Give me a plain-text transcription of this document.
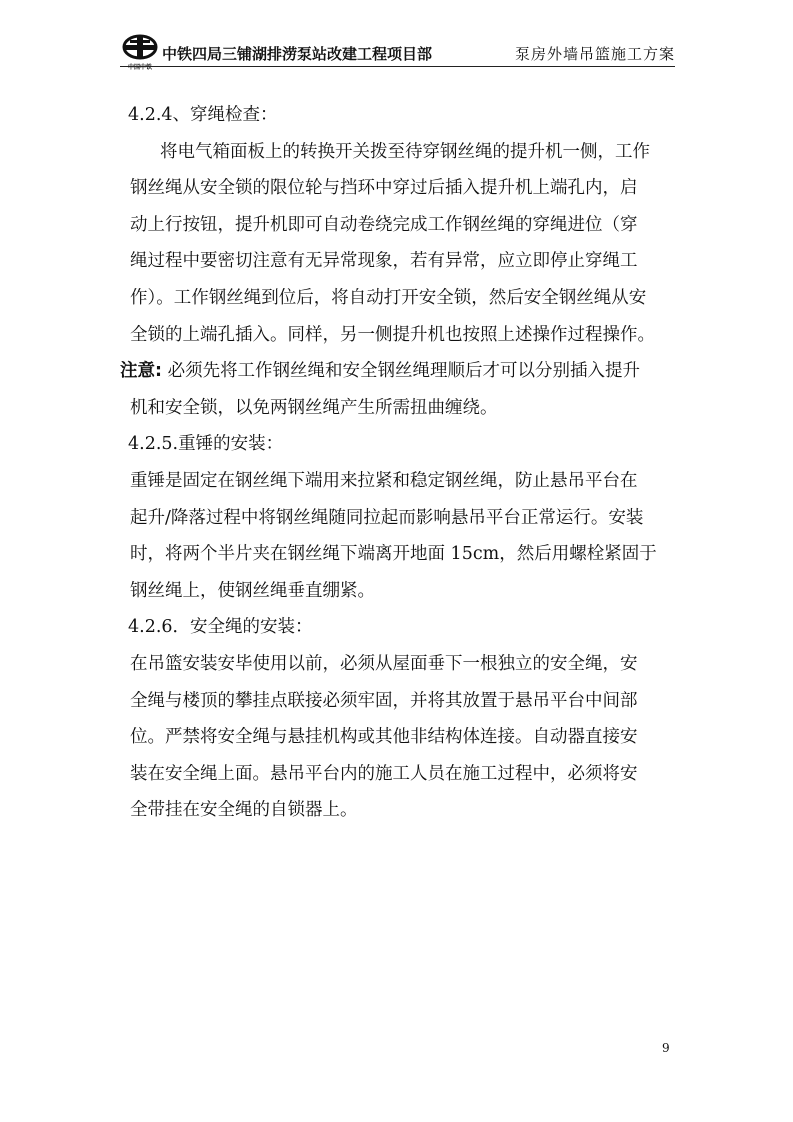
中国中铁
中铁四局三铺湖排涝泵站改建工程项目部	泵房外墙吊篮施工方案
4.2.4、穿绳检查：
将电气箱面板上的转换开关拨至待穿钢丝绳的提升机一侧，工作
钢丝绳从安全锁的限位轮与挡环中穿过后插入提升机上端孔内，启
动上行按钮，提升机即可自动卷绕完成工作钢丝绳的穿绳进位（穿
绳过程中要密切注意有无异常现象，若有异常，应立即停止穿绳工
作）。工作钢丝绳到位后，将自动打开安全锁，然后安全钢丝绳从安
全锁的上端孔插入。同样，另一侧提升机也按照上述操作过程操作。
注意: 必须先将工作钢丝绳和安全钢丝绳理顺后才可以分别插入提升
机和安全锁，以免两钢丝绳产生所需扭曲缠绕。
4.2.5.重锤的安装：
重锤是固定在钢丝绳下端用来拉紧和稳定钢丝绳，防止悬吊平台在
起升/降落过程中将钢丝绳随同拉起而影响悬吊平台正常运行。安装
时，将两个半片夹在钢丝绳下端离开地面 15cm，然后用螺栓紧固于
钢丝绳上，使钢丝绳垂直绷紧。
4.2.6．安全绳的安装：
在吊篮安装安毕使用以前，必须从屋面垂下一根独立的安全绳，安
全绳与楼顶的攀挂点联接必须牢固，并将其放置于悬吊平台中间部
位。严禁将安全绳与悬挂机构或其他非结构体连接。自动器直接安
装在安全绳上面。悬吊平台内的施工人员在施工过程中，必须将安
全带挂在安全绳的自锁器上。
9
